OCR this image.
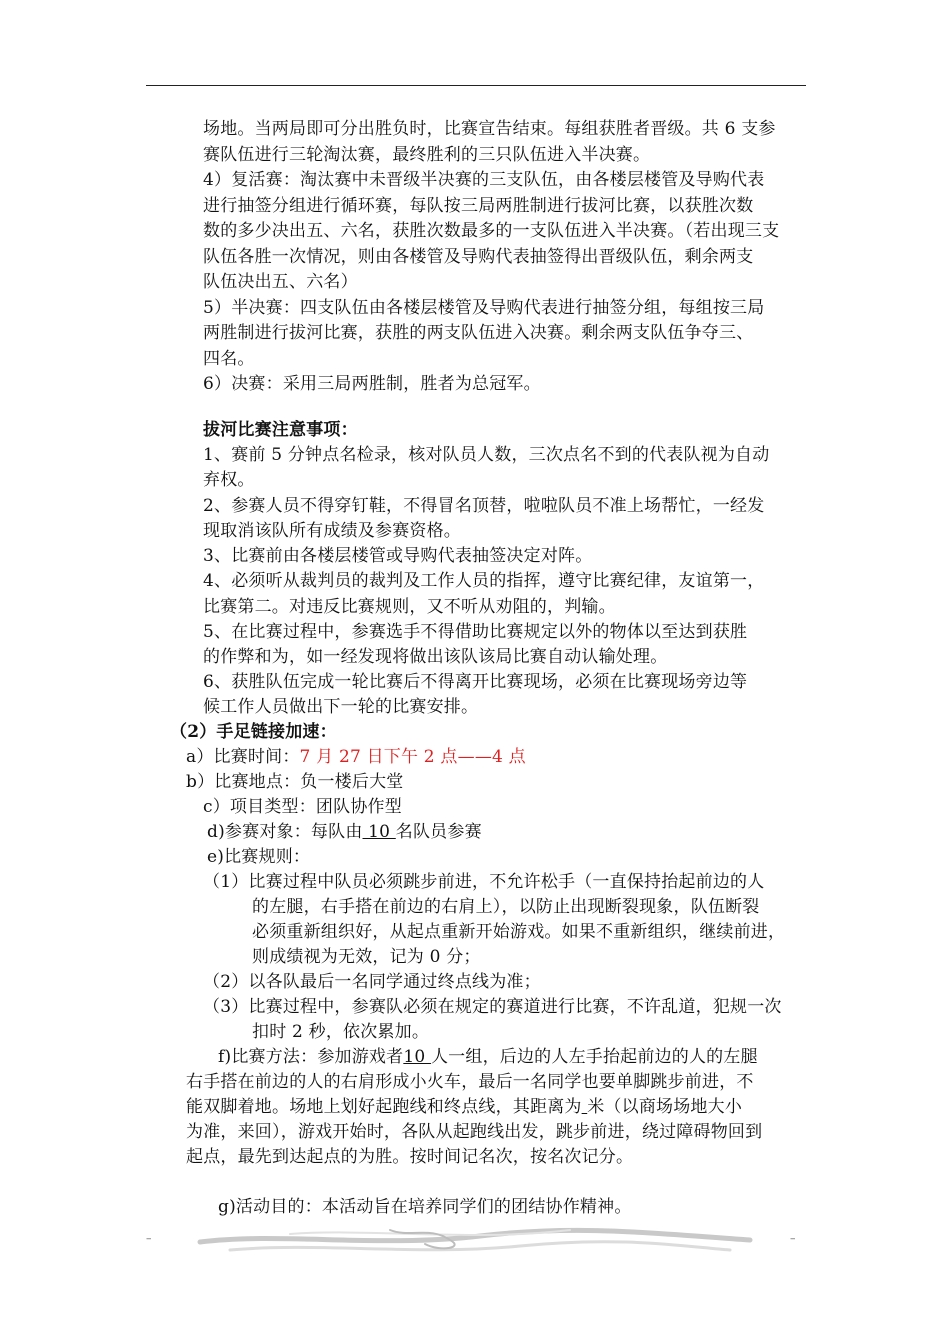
场地。当两局即可分出胜负时，比赛宣告结束。每组获胜者晋级。共 6 支参
赛队伍进行三轮淘汰赛，最终胜利的三只队伍进入半决赛。
4）复活赛：淘汰赛中未晋级半决赛的三支队伍，由各楼层楼管及导购代表
进行抽签分组进行循环赛，每队按三局两胜制进行拔河比赛，以获胜次数
数的多少决出五、六名，获胜次数最多的一支队伍进入半决赛。（若出现三支
队伍各胜一次情况，则由各楼管及导购代表抽签得出晋级队伍，剩余两支
队伍决出五、六名）
5）半决赛：四支队伍由各楼层楼管及导购代表进行抽签分组，每组按三局
两胜制进行拔河比赛，获胜的两支队伍进入决赛。剩余两支队伍争夺三、
四名。
6）决赛：采用三局两胜制，胜者为总冠军。
拔河比赛注意事项：
1、赛前 5 分钟点名检录，核对队员人数，三次点名不到的代表队视为自动
弃权。
2、参赛人员不得穿钉鞋，不得冒名顶替，啦啦队员不准上场帮忙，一经发
现取消该队所有成绩及参赛资格。
3、比赛前由各楼层楼管或导购代表抽签决定对阵。
4、必须听从裁判员的裁判及工作人员的指挥，遵守比赛纪律，友谊第一，
比赛第二。对违反比赛规则，又不听从劝阻的，判输。
5、在比赛过程中，参赛选手不得借助比赛规定以外的物体以至达到获胜
的作弊和为，如一经发现将做出该队该局比赛自动认输处理。
6、获胜队伍完成一轮比赛后不得离开比赛现场，必须在比赛现场旁边等
候工作人员做出下一轮的比赛安排。
（2）手足链接加速：
a）比赛时间：7 月 27 日下午 2 点——4 点
b）比赛地点：负一楼后大堂
c）项目类型：团队协作型
d)参赛对象：每队由 10 名队员参赛
e)比赛规则：
（1）比赛过程中队员必须跳步前进，不允许松手（一直保持抬起前边的人
的左腿，右手搭在前边的右肩上），以防止出现断裂现象，队伍断裂
必须重新组织好，从起点重新开始游戏。如果不重新组织，继续前进，
则成绩视为无效，记为 0 分；
（2）以各队最后一名同学通过终点线为准；
（3）比赛过程中，参赛队必须在规定的赛道进行比赛，不许乱道，犯规一次
扣时 2 秒，依次累加。
f)比赛方法：参加游戏者10 人一组，后边的人左手抬起前边的人的左腿
右手搭在前边的人的右肩形成小火车，最后一名同学也要单脚跳步前进，不
能双脚着地。场地上划好起跑线和终点线，其距离为 米（以商场场地大小
为准，来回），游戏开始时，各队从起跑线出发，跳步前进，绕过障碍物回到
起点，最先到达起点的为胜。按时间记名次，按名次记分。
g)活动目的：本活动旨在培养同学们的团结协作精神。
–	–
